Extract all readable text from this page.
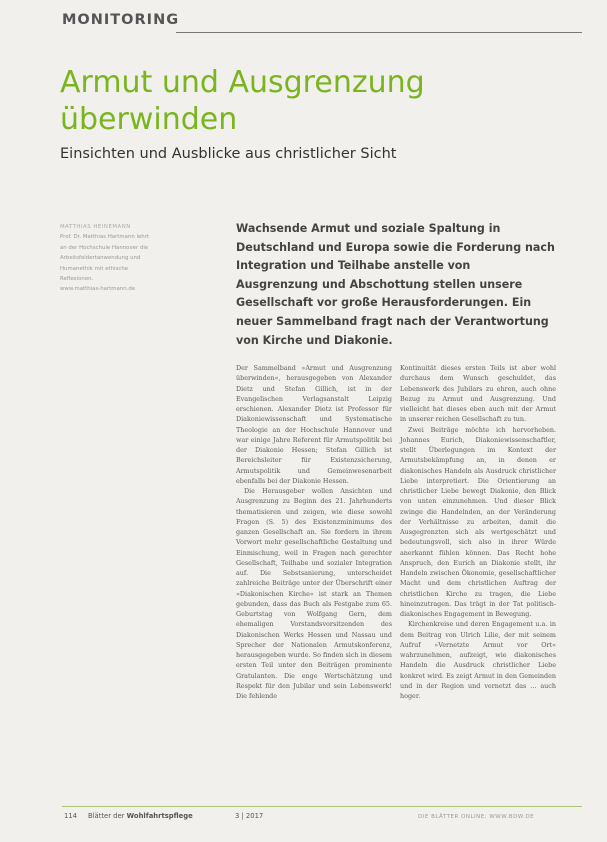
MONITORING
Armut und Ausgrenzung
überwinden
Einsichten und Ausblicke aus christlicher Sicht
MATTHIAS HEINEMANN
Prof. Dr. Matthias Hartmann lehrt
an der Hochschule Hannover die
Arbeitsfeldertanwendung und
Humanethik mit ethische
Reflexionen.
www.matthias-hartmann.de
Wachsende Armut und soziale Spaltung in Deutschland und Europa sowie die Forderung nach Integration und Teilhabe anstelle von Ausgrenzung und Abschottung stellen unsere Gesellschaft vor große Herausforderungen. Ein neuer Sammelband fragt nach der Verantwortung von Kirche und Diakonie.

Der Sammelband »Armut und Ausgrenzung überwinden«, herausgegeben von Alexander Dietz und Stefan Gillich, ist in der Evangelischen Verlagsanstalt Leipzig erschienen. Alexander Dietz ist Professor für Diakoniewissenschaft und Systematische Theologie an der Hochschule Hannover und war einige Jahre Referent für Armutspolitik bei der Diakonie Hessen; Stefan Gillich ist Bereichsleiter für Existenzsicherung, Armutspolitik und Gemeinwesenarbeit ebenfalls bei der Diakonie Hessen.

Die Herausgeber wollen Ansichten und Ausgrenzung zu Beginn des 21. Jahrhunderts thematisieren und zeigen, wie diese sowohl Fragen (S. 5) des Existenzminimums des ganzen Gesellschaft an. Sie fordern in ihrem Vorwort mehr gesellschaftliche Gestaltung und Einmischung, weil in Fragen nach gerechter Gesellschaft, Teilhabe und sozialer Integration auf. Die Sebstsanierung, unterscheidet zahlreiche Beiträge unter der Überschrift einer »Diakonischen Kirche« ist stark an Themen gebunden, dass das Buch als Festgabe zum 65. Geburtstag von Wolfgang Gern, dem ehemaligen Vorstandsvorsitzenden des Diakonischen Werks Hessen und Nassau und Sprecher der Nationalen Armutskonferenz, herausgegeben wurde. So finden sich in diesem ersten Teil unter den Beiträgen prominente Gratulanten. Die enge Wertschätzung und Respekt für den Jubilar und sein Lebenswerk! Die fehlende

Kontinuität dieses ersten Teils ist aber wohl durchaus dem Wunsch geschuldet, das Lebenswerk des Jubilars zu ehren, auch ohne Bezug zu Armut und Ausgrenzung. Und vielleicht hat dieses eben auch mit der Armut in unserer reichen Gesellschaft zu tun.

Zwei Beiträge möchte ich hervorheben. Johannes Eurich, Diakoniewissenschaftler, stellt Überlegungen im Kontext der Armutsbekämpfung an, in denen er diakonisches Handeln als Ausdruck christlicher Liebe interpretiert. Die Orientierung an christlicher Liebe bewegt Diakonie, den Blick von unten einzunehmen. Und dieser Blick zwinge die Handelnden, an der Veränderung der Verhältnisse zu arbeiten, damit die Ausgegrenzten sich als wertgeschätzt und bedeutungsvoll, sich also in ihrer Würde anerkannt fühlen können. Das Recht hohe Anspruch, den Eurich an Diakonie stellt, ihr Handeln zwischen Ökonomie, gesellschaftlicher Macht und dem christlichen Auftrag der christlichen Kirche zu tragen, die Liebe hineinzutragen. Das trägt in der Tat politisch-diakonisches Engagement in Bewegung.

Kirchenkreise und deren Engagement u.a. in dem Beitrag von Ulrich Lilie, der mit seinem Aufruf »Vernetzte Armut vor Ort« wahrzunehmen, aufzeigt, wie diakonisches Handeln die Ausdruck christlicher Liebe konkret wird. Es zeigt Armut in den Gemeinden und in der Region und vernetzt das ... auch hoger.

114 Blätter der Wohlfahrtspflege	3 | 2017	DIE BLÄTTER ONLINE: WWW.BDW.DE
